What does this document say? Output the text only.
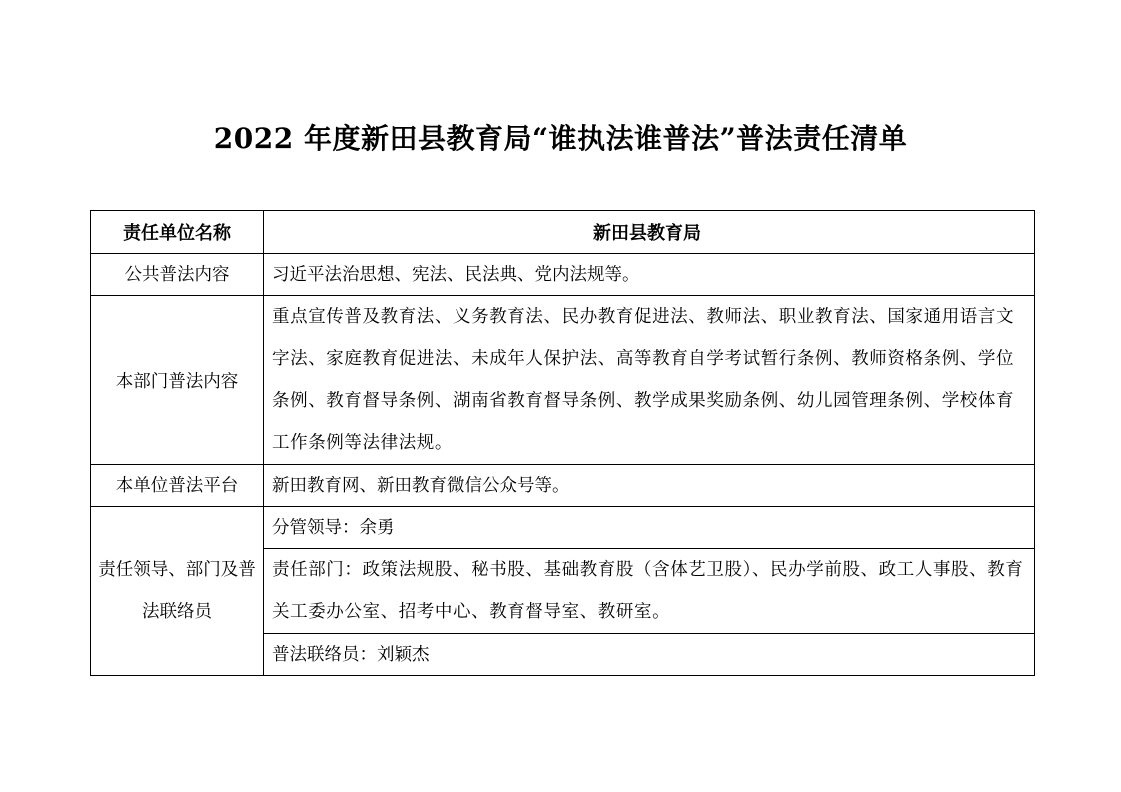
2022 年度新田县教育局“谁执法谁普法”普法责任清单
责任单位名称	新田县教育局
公共普法内容	习近平法治思想、宪法、民法典、党内法规等。
本部门普法内容	重点宣传普及教育法、义务教育法、民办教育促进法、教师法、职业教育法、国家通用语言文字法、家庭教育促进法、未成年人保护法、高等教育自学考试暂行条例、教师资格条例、学位条例、教育督导条例、湖南省教育督导条例、教学成果奖励条例、幼儿园管理条例、学校体育工作条例等法律法规。
本单位普法平台	新田教育网、新田教育微信公众号等。
责任领导、部门及普法联络员	分管领导：余勇
	责任部门：政策法规股、秘书股、基础教育股（含体艺卫股）、民办学前股、政工人事股、教育关工委办公室、招考中心、教育督导室、教研室。
	普法联络员：刘颖杰
